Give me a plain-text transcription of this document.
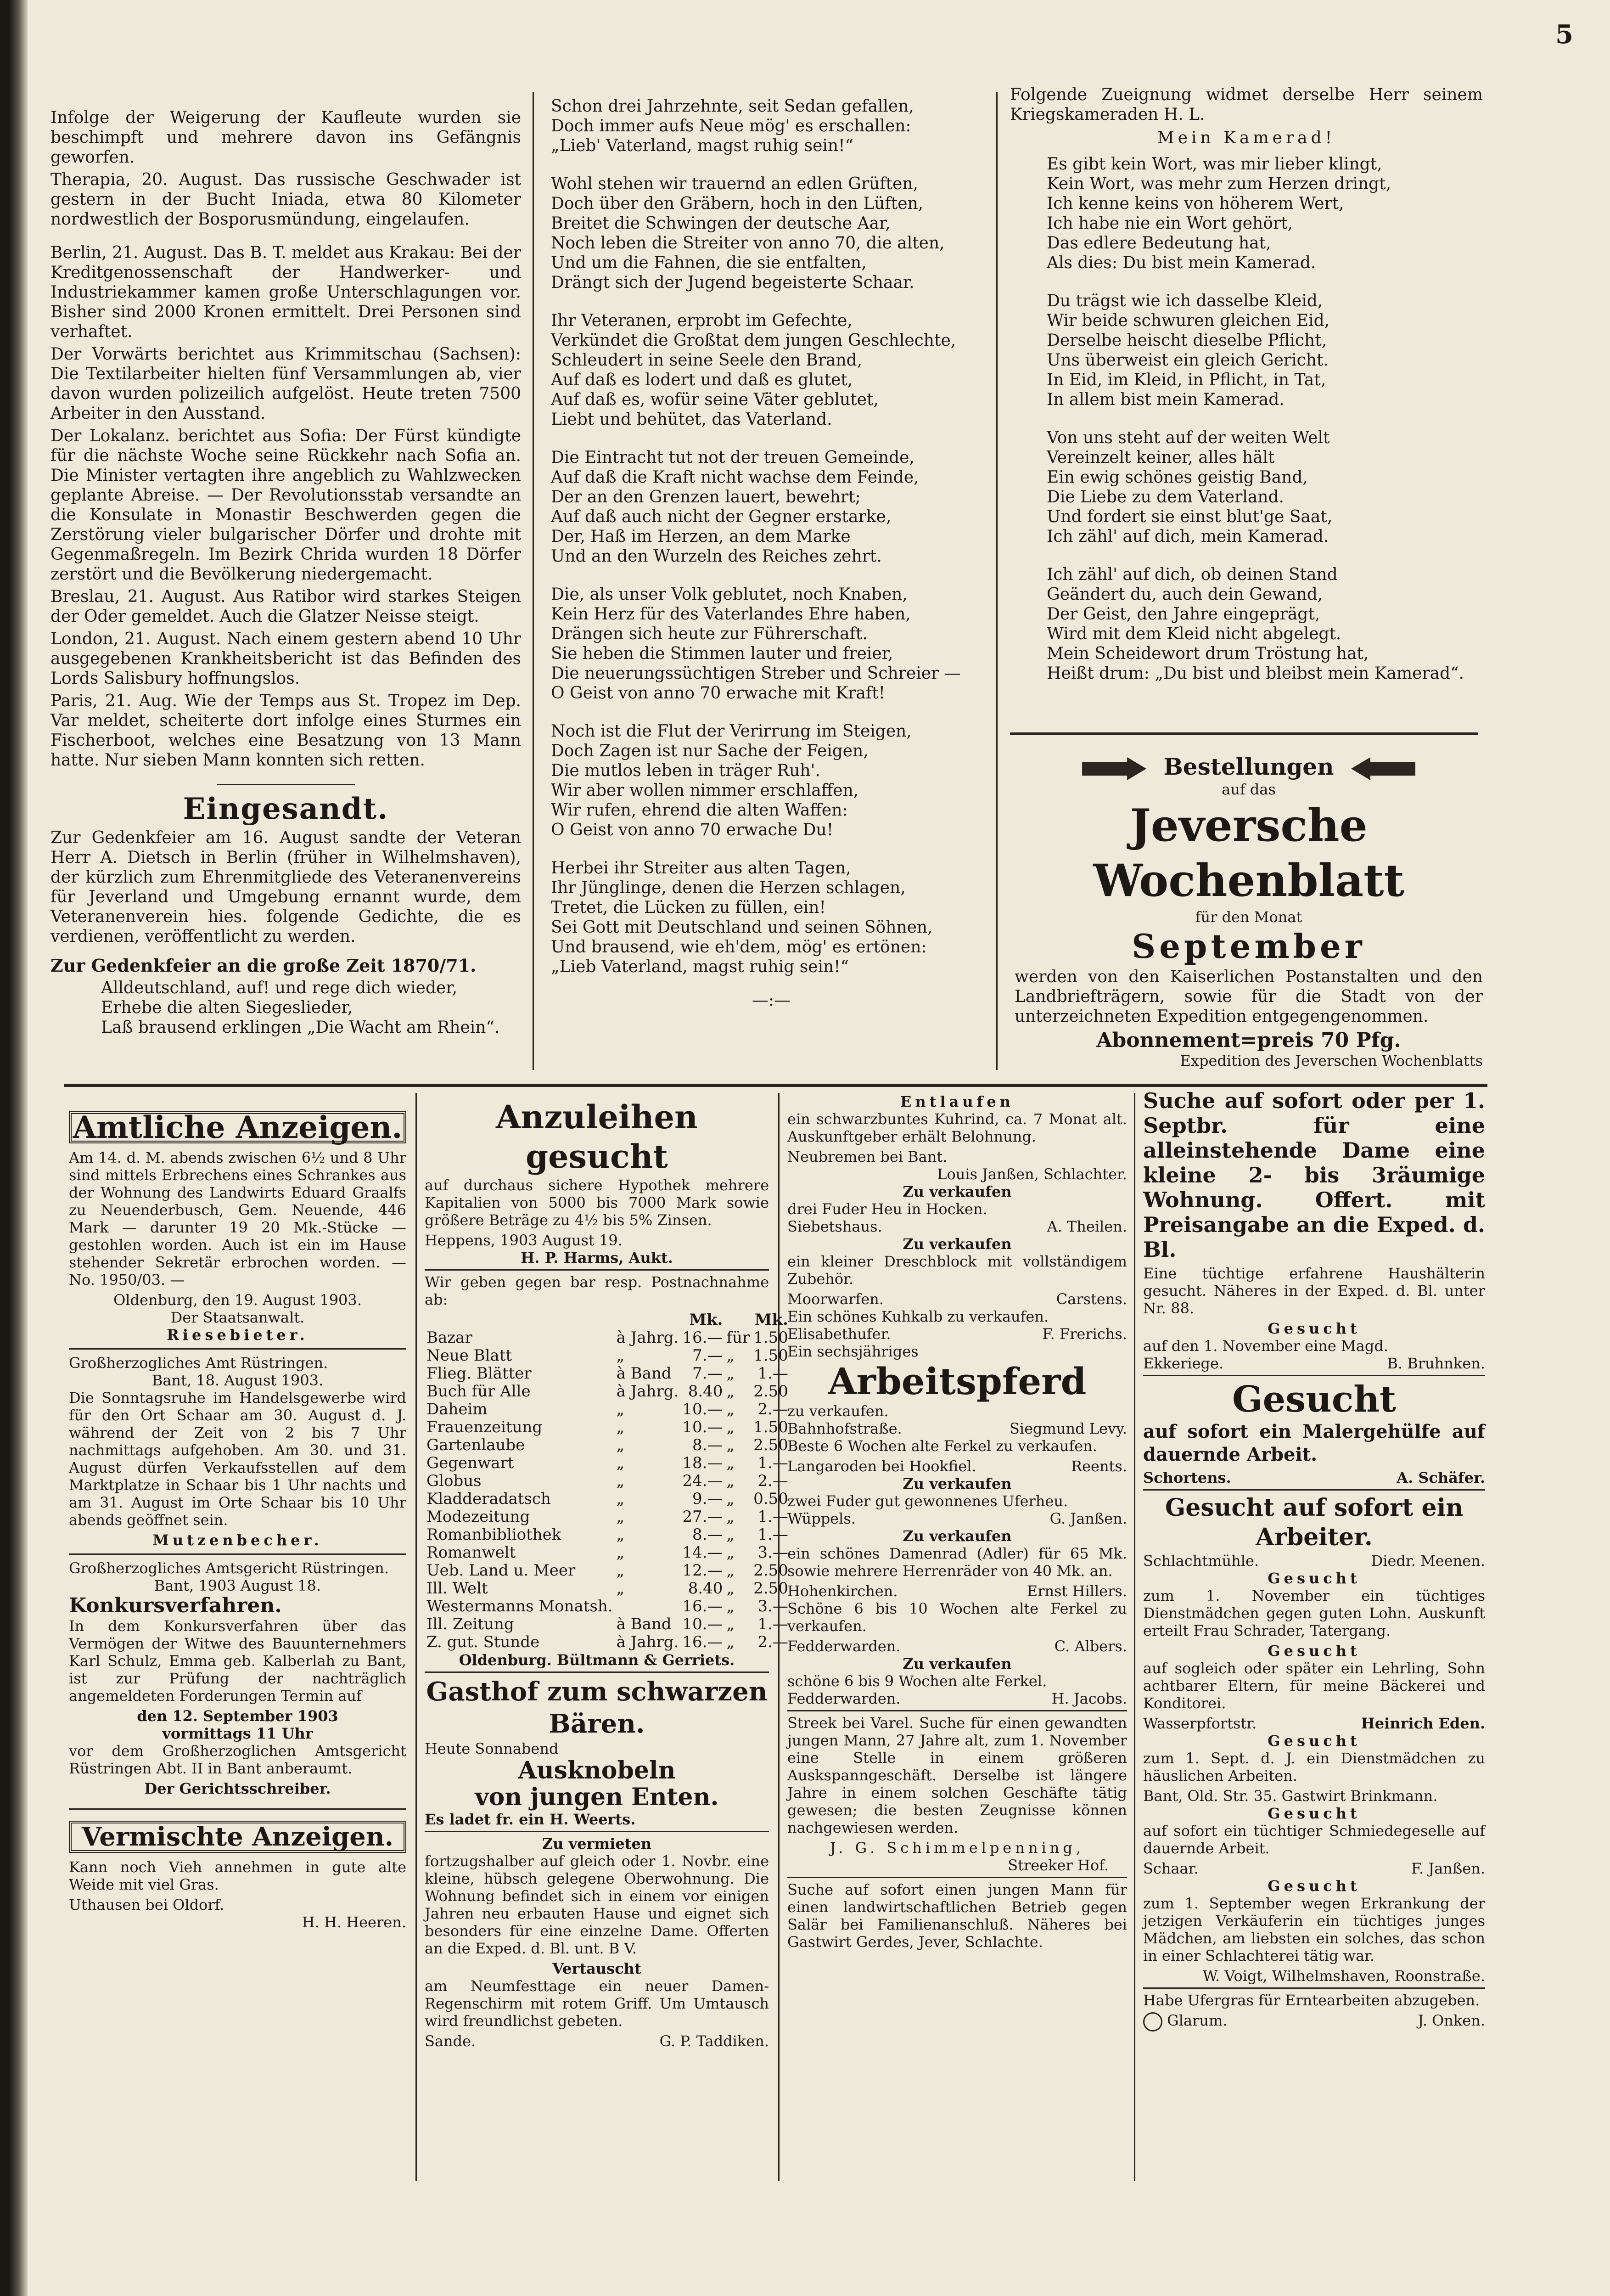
5

Infolge der Weigerung der Kaufleute wurden sie beschimpft und mehrere davon ins Gefängnis geworfen.

Therapia, 20. August. Das russische Geschwader ist gestern in der Bucht Iniada, etwa 80 Kilometer nordwestlich der Bosporusmündung, eingelaufen.

Berlin, 21. August. Das B. T. meldet aus Krakau: Bei der Kreditgenossenschaft der Handwerker- und Industriekammer kamen große Unterschlagungen vor. Bisher sind 2000 Kronen ermittelt. Drei Personen sind verhaftet.

Der Vorwärts berichtet aus Krimmitschau (Sachsen): Die Textilarbeiter hielten fünf Versammlungen ab, vier davon wurden polizeilich aufgelöst. Heute treten 7500 Arbeiter in den Ausstand.

Der Lokalanz. berichtet aus Sofia: Der Fürst kündigte für die nächste Woche seine Rückkehr nach Sofia an. Die Minister vertagten ihre angeblich zu Wahlzwecken geplante Abreise. — Der Revolutionsstab versandte an die Konsulate in Monastir Beschwerden gegen die Zerstörung vieler bulgarischer Dörfer und drohte mit Gegenmaßregeln. Im Bezirk Chrida wurden 18 Dörfer zerstört und die Bevölkerung niedergemacht.

Breslau, 21. August. Aus Ratibor wird starkes Steigen der Oder gemeldet. Auch die Glatzer Neisse steigt.

London, 21. August. Nach einem gestern abend 10 Uhr ausgegebenen Krankheitsbericht ist das Befinden des Lords Salisbury hoffnungslos.

Paris, 21. Aug. Wie der Temps aus St. Tropez im Dep. Var meldet, scheiterte dort infolge eines Sturmes ein Fischerboot, welches eine Besatzung von 13 Mann hatte. Nur sieben Mann konnten sich retten.

Eingesandt.

Zur Gedenkfeier am 16. August sandte der Veteran Herr A. Dietsch in Berlin (früher in Wilhelmshaven), der kürzlich zum Ehrenmitgliede des Veteranenvereins für Jeverland und Umgebung ernannt wurde, dem Veteranenverein hies. folgende Gedichte, die es verdienen, veröffentlicht zu werden.

Zur Gedenkfeier an die große Zeit 1870/71.

Alldeutschland, auf! und rege dich wieder,
Erhebe die alten Siegeslieder,
Laß brausend erklingen „Die Wacht am Rhein“.
Schon drei Jahrzehnte, seit Sedan gefallen,
Doch immer aufs Neue mög' es erschallen:
„Lieb' Vaterland, magst ruhig sein!“
Wohl stehen wir trauernd an edlen Grüften,
Doch über den Gräbern, hoch in den Lüften,
Breitet die Schwingen der deutsche Aar,
Noch leben die Streiter von anno 70, die alten,
Und um die Fahnen, die sie entfalten,
Drängt sich der Jugend begeisterte Schaar.
Ihr Veteranen, erprobt im Gefechte,
Verkündet die Großtat dem jungen Geschlechte,
Schleudert in seine Seele den Brand,
Auf daß es lodert und daß es glutet,
Auf daß es, wofür seine Väter geblutet,
Liebt und behütet, das Vaterland.
Die Eintracht tut not der treuen Gemeinde,
Auf daß die Kraft nicht wachse dem Feinde,
Der an den Grenzen lauert, bewehrt;
Auf daß auch nicht der Gegner erstarke,
Der, Haß im Herzen, an dem Marke
Und an den Wurzeln des Reiches zehrt.
Die, als unser Volk geblutet, noch Knaben,
Kein Herz für des Vaterlandes Ehre haben,
Drängen sich heute zur Führerschaft.
Sie heben die Stimmen lauter und freier,
Die neuerungssüchtigen Streber und Schreier —
O Geist von anno 70 erwache mit Kraft!
Noch ist die Flut der Verirrung im Steigen,
Doch Zagen ist nur Sache der Feigen,
Die mutlos leben in träger Ruh'.
Wir aber wollen nimmer erschlaffen,
Wir rufen, ehrend die alten Waffen:
O Geist von anno 70 erwache Du!
Herbei ihr Streiter aus alten Tagen,
Ihr Jünglinge, denen die Herzen schlagen,
Tretet, die Lücken zu füllen, ein!
Sei Gott mit Deutschland und seinen Söhnen,
Und brausend, wie eh'dem, mög' es ertönen:
„Lieb Vaterland, magst ruhig sein!“
—:—

Folgende Zueignung widmet derselbe Herr seinem Kriegskameraden H. L.

Mein Kamerad!
Es gibt kein Wort, was mir lieber klingt,
Kein Wort, was mehr zum Herzen dringt,
Ich kenne keins von höherem Wert,
Ich habe nie ein Wort gehört,
Das edlere Bedeutung hat,
Als dies: Du bist mein Kamerad.
Du trägst wie ich dasselbe Kleid,
Wir beide schwuren gleichen Eid,
Derselbe heischt dieselbe Pflicht,
Uns überweist ein gleich Gericht.
In Eid, im Kleid, in Pflicht, in Tat,
In allem bist mein Kamerad.
Von uns steht auf der weiten Welt
Vereinzelt keiner, alles hält
Ein ewig schönes geistig Band,
Die Liebe zu dem Vaterland.
Und fordert sie einst blut'ge Saat,
Ich zähl' auf dich, mein Kamerad.
Ich zähl' auf dich, ob deinen Stand
Geändert du, auch dein Gewand,
Der Geist, den Jahre eingeprägt,
Wird mit dem Kleid nicht abgelegt.
Mein Scheidewort drum Tröstung hat,
Heißt drum: „Du bist und bleibst mein Kamerad“.
Bestellungen
auf das
Jeversche Wochenblatt
für den Monat
September

werden von den Kaiserlichen Postanstalten und den Landbriefträgern, sowie für die Stadt von der unterzeichneten Expedition entgegengenommen.

Abonnement=preis 70 Pfg.
Expedition des Jeverschen Wochenblatts
Amtliche Anzeigen.

Am 14. d. M. abends zwischen 6½ und 8 Uhr sind mittels Erbrechens eines Schrankes aus der Wohnung des Landwirts Eduard Graalfs zu Neuenderbusch, Gem. Neuende, 446 Mark — darunter 19 20 Mk.-Stücke — gestohlen worden. Auch ist ein im Hause stehender Sekretär erbrochen worden. — No. 1950/03. —

Oldenburg, den 19. August 1903.
Der Staatsanwalt.
Riesebieter.
Großherzogliches Amt Rüstringen.
Bant, 18. August 1903.

Die Sonntagsruhe im Handelsgewerbe wird für den Ort Schaar am 30. August d. J. während der Zeit von 2 bis 7 Uhr nachmittags aufgehoben. Am 30. und 31. August dürfen Verkaufsstellen auf dem Marktplatze in Schaar bis 1 Uhr nachts und am 31. August im Orte Schaar bis 10 Uhr abends geöffnet sein.

Mutzenbecher.
Großherzogliches Amtsgericht Rüstringen.
Bant, 1903 August 18.
Konkursverfahren.

In dem Konkursverfahren über das Vermögen der Witwe des Bauunternehmers Karl Schulz, Emma geb. Kalberlah zu Bant, ist zur Prüfung der nachträglich angemeldeten Forderungen Termin auf

den 12. September 1903
vormittags 11 Uhr

vor dem Großherzoglichen Amtsgericht Rüstringen Abt. II in Bant anberaumt.

Der Gerichtsschreiber.
Vermischte Anzeigen.

Kann noch Vieh annehmen in gute alte Weide mit viel Gras.

Uthausen bei Oldorf.
H. H. Heeren.
Anzuleihen gesucht

auf durchaus sichere Hypothek mehrere Kapitalien von 5000 bis 7000 Mark sowie größere Beträge zu 4½ bis 5% Zinsen.

Heppens, 1903 August 19.
H. P. Harms, Aukt.

Wir geben gegen bar resp. Postnachnahme ab:

		Mk.		Mk.
Bazar	à Jahrg.	16.—	für	1.50
Neue Blatt	„	7.—	„	1.50
Flieg. Blätter	à Band	7.—	„	1.—
Buch für Alle	à Jahrg.	8.40	„	2.50
Daheim	„	10.—	„	2.—
Frauenzeitung	„	10.—	„	1.50
Gartenlaube	„	8.—	„	2.50
Gegenwart	„	18.—	„	1.—
Globus	„	24.—	„	2.—
Kladderadatsch	„	9.—	„	0.50
Modezeitung	„	27.—	„	1.—
Romanbibliothek	„	8.—	„	1.—
Romanwelt	„	14.—	„	3.—
Ueb. Land u. Meer	„	12.—	„	2.50
Ill. Welt	„	8.40	„	2.50
Westermanns Monatsh.		16.—	„	3.—
Ill. Zeitung	à Band	10.—	„	1.—
Z. gut. Stunde	à Jahrg.	16.—	„	2.—
Oldenburg. Bültmann & Gerriets.
Gasthof zum schwarzen Bären.
Heute Sonnabend
Ausknobeln
von jungen Enten.
Es ladet fr. ein H. Weerts.
Zu vermieten

fortzugshalber auf gleich oder 1. Novbr. eine kleine, hübsch gelegene Oberwohnung. Die Wohnung befindet sich in einem vor einigen Jahren neu erbauten Hause und eignet sich besonders für eine einzelne Dame. Offerten an die Exped. d. Bl. unt. B V.

Vertauscht

am Neumfesttage ein neuer Damen-Regenschirm mit rotem Griff. Um Umtausch wird freundlichst gebeten.

Sande.	G. P. Taddiken.
Entlaufen

ein schwarzbuntes Kuhrind, ca. 7 Monat alt. Auskunftgeber erhält Belohnung.

Neubremen bei Bant.
Louis Janßen, Schlachter.
Zu verkaufen
drei Fuder Heu in Hocken.
Siebetshaus.	A. Theilen.
Zu verkaufen

ein kleiner Dreschblock mit vollständigem Zubehör.

Moorwarfen.	Carstens.
Ein schönes Kuhkalb zu verkaufen.
Elisabethufer.	F. Frerichs.
Ein sechsjähriges
Arbeitspferd
zu verkaufen.
Bahnhofstraße.	Siegmund Levy.

Beste 6 Wochen alte Ferkel zu verkaufen.

Langaroden bei Hookfiel.	Reents.
Zu verkaufen
zwei Fuder gut gewonnenes Uferheu.
Wüppels.	G. Janßen.
Zu verkaufen

ein schönes Damenrad (Adler) für 65 Mk. sowie mehrere Herrenräder von 40 Mk. an.

Hohenkirchen.	Ernst Hillers.

Schöne 6 bis 10 Wochen alte Ferkel zu verkaufen.

Fedderwarden.	C. Albers.
Zu verkaufen
schöne 6 bis 9 Wochen alte Ferkel.
Fedderwarden.	H. Jacobs.

Streek bei Varel. Suche für einen gewandten jungen Mann, 27 Jahre alt, zum 1. November eine Stelle in einem größeren Auskspanngeschäft. Derselbe ist längere Jahre in einem solchen Geschäfte tätig gewesen; die besten Zeugnisse können nachgewiesen werden.

J. G. Schimmelpenning,
Streeker Hof.

Suche auf sofort einen jungen Mann für einen landwirtschaftlichen Betrieb gegen Salär bei Familienanschluß. Näheres bei Gastwirt Gerdes, Jever, Schlachte.

Suche auf sofort oder per 1. Septbr. für eine alleinstehende Dame eine kleine 2- bis 3räumige Wohnung. Offert. mit Preisangabe an die Exped. d. Bl.

Eine tüchtige erfahrene Haushälterin gesucht. Näheres in der Exped. d. Bl. unter Nr. 88.

Gesucht
auf den 1. November eine Magd.
Ekkeriege.	B. Bruhnken.
Gesucht

auf sofort ein Malergehülfe auf dauernde Arbeit.

Schortens.	A. Schäfer.
Gesucht auf sofort ein Arbeiter.
Schlachtmühle.	Diedr. Meenen.
Gesucht

zum 1. November ein tüchtiges Dienstmädchen gegen guten Lohn. Auskunft erteilt Frau Schrader, Tatergang.

Gesucht

auf sogleich oder später ein Lehrling, Sohn achtbarer Eltern, für meine Bäckerei und Konditorei.

Wasserpfortstr.	Heinrich Eden.
Gesucht

zum 1. Sept. d. J. ein Dienstmädchen zu häuslichen Arbeiten.

Bant, Old. Str. 35. Gastwirt Brinkmann.
Gesucht

auf sofort ein tüchtiger Schmiedegeselle auf dauernde Arbeit.

Schaar.	F. Janßen.
Gesucht

zum 1. September wegen Erkrankung der jetzigen Verkäuferin ein tüchtiges junges Mädchen, am liebsten ein solches, das schon in einer Schlachterei tätig war.

W. Voigt, Wilhelmshaven, Roonstraße.

Habe Ufergras für Erntearbeiten abzugeben.

Glarum.	J. Onken.
